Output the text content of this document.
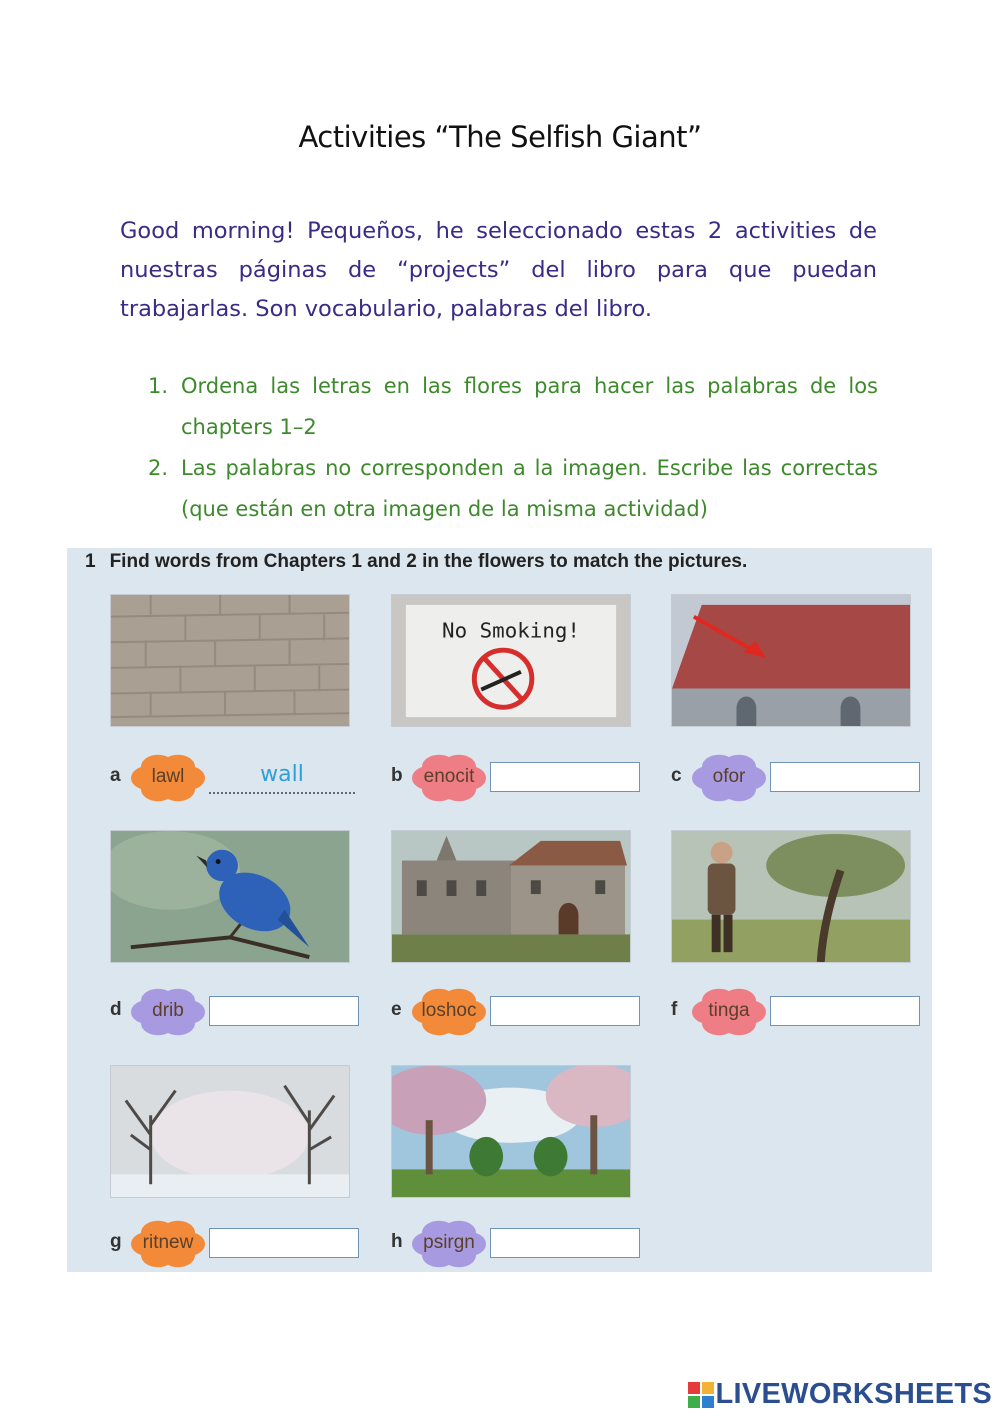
Activities “The Selfish Giant”
Good morning! Pequeños, he seleccionado estas 2 activities de nuestras páginas de “projects” del libro para que puedan trabajarlas. Son vocabulario, palabras del libro.
1. Ordena las letras en las flores para hacer las palabras de los chapters 1–2
2. Las palabras no corresponden a la imagen. Escribe las correctas (que están en otra imagen de la misma actividad)
1 Find words from Chapters 1 and 2 in the flowers to match the pictures.
No Smoking!
a	lawl	wall	b	enocit	c	ofor
d	drib	e	loshoc	f	tinga
g	ritnew	h	psirgn
LIVEWORKSHEETS
